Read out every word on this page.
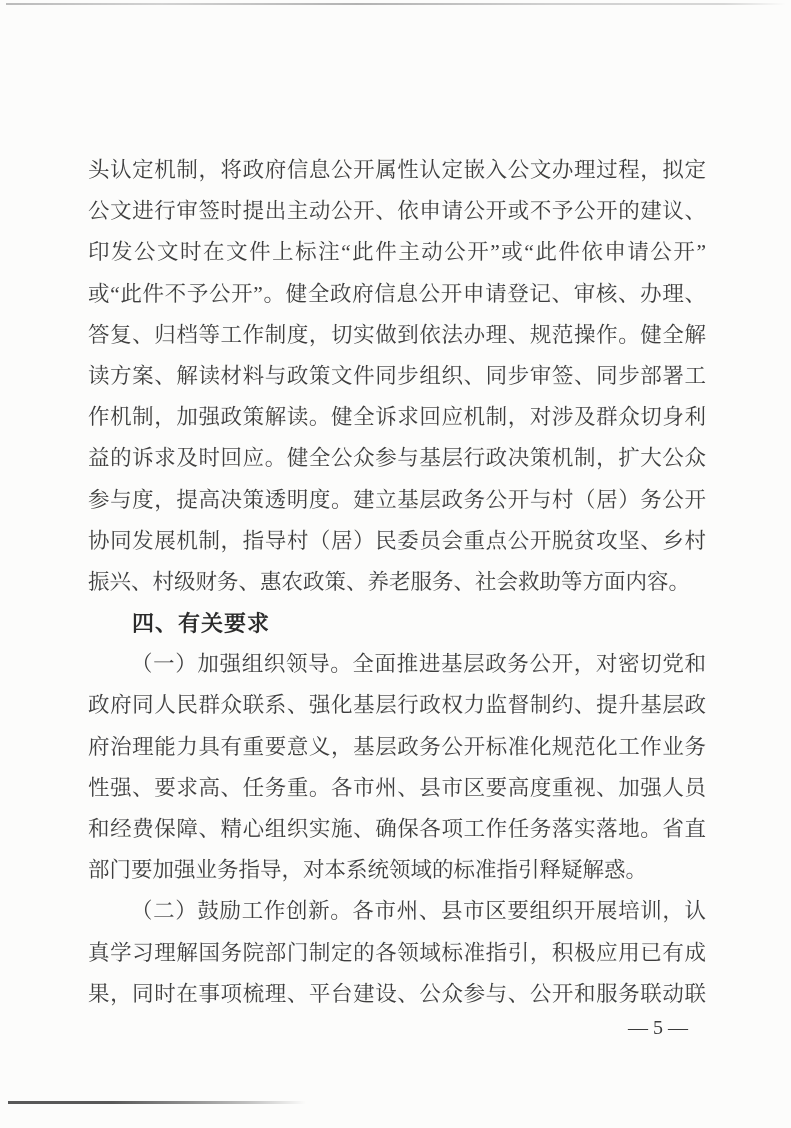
头认定机制，将政府信息公开属性认定嵌入公文办理过程，拟定
公文进行审签时提出主动公开、依申请公开或不予公开的建议、
印发公文时在文件上标注“此件主动公开”或“此件依申请公开”
或“此件不予公开”。健全政府信息公开申请登记、审核、办理、
答复、归档等工作制度，切实做到依法办理、规范操作。健全解
读方案、解读材料与政策文件同步组织、同步审签、同步部署工
作机制，加强政策解读。健全诉求回应机制，对涉及群众切身利
益的诉求及时回应。健全公众参与基层行政决策机制，扩大公众
参与度，提高决策透明度。建立基层政务公开与村（居）务公开
协同发展机制，指导村（居）民委员会重点公开脱贫攻坚、乡村
振兴、村级财务、惠农政策、养老服务、社会救助等方面内容。
四、有关要求
（一）加强组织领导。全面推进基层政务公开，对密切党和
政府同人民群众联系、强化基层行政权力监督制约、提升基层政
府治理能力具有重要意义，基层政务公开标准化规范化工作业务
性强、要求高、任务重。各市州、县市区要高度重视、加强人员
和经费保障、精心组织实施、确保各项工作任务落实落地。省直
部门要加强业务指导，对本系统领域的标准指引释疑解惑。
（二）鼓励工作创新。各市州、县市区要组织开展培训，认
真学习理解国务院部门制定的各领域标准指引，积极应用已有成
果，同时在事项梳理、平台建设、公众参与、公开和服务联动联
— 5 —
